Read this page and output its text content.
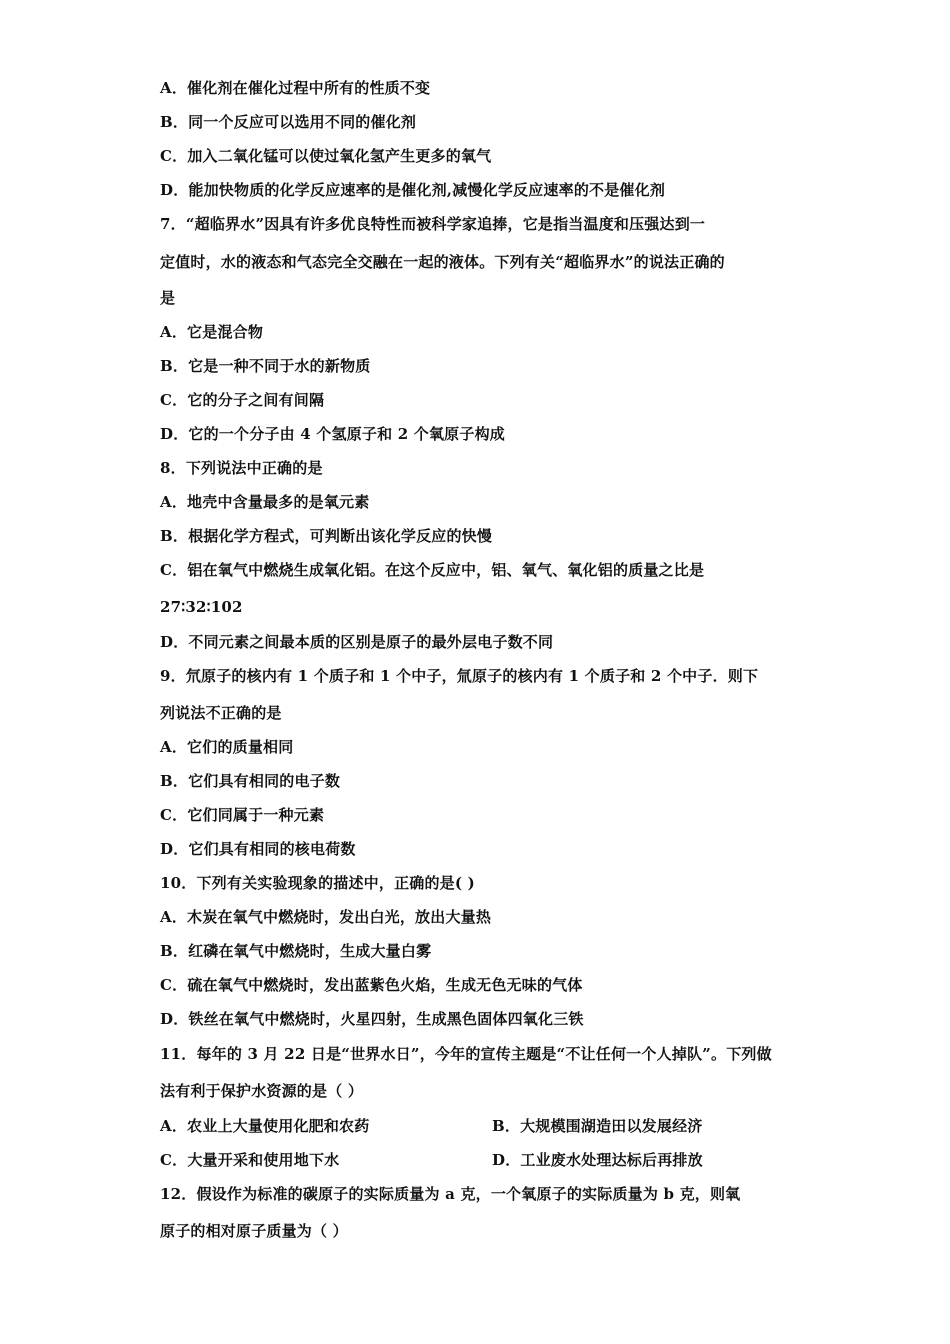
A．催化剂在催化过程中所有的性质不变
B．同一个反应可以选用不同的催化剂
C．加入二氧化锰可以使过氧化氢产生更多的氧气
D．能加快物质的化学反应速率的是催化剂,减慢化学反应速率的不是催化剂
7．“超临界水”因具有许多优良特性而被科学家追捧，它是指当温度和压强达到一
定值时，水的液态和气态完全交融在一起的液体。下列有关“超临界水”的说法正确的
是
A．它是混合物
B．它是一种不同于水的新物质
C．它的分子之间有间隔
D．它的一个分子由 4 个氢原子和 2 个氧原子构成
8．下列说法中正确的是
A．地壳中含量最多的是氧元素
B．根据化学方程式，可判断出该化学反应的快慢
C．铝在氧气中燃烧生成氧化铝。在这个反应中，铝、氧气、氧化铝的质量之比是
27∶32∶102
D．不同元素之间最本质的区别是原子的最外层电子数不同
9．氘原子的核内有 1 个质子和 1 个中子，氚原子的核内有 1 个质子和 2 个中子．则下
列说法不正确的是
A．它们的质量相同
B．它们具有相同的电子数
C．它们同属于一种元素
D．它们具有相同的核电荷数
10．下列有关实验现象的描述中，正确的是( )
A．木炭在氧气中燃烧时，发出白光，放出大量热
B．红磷在氧气中燃烧时，生成大量白雾
C．硫在氧气中燃烧时，发出蓝紫色火焰，生成无色无味的气体
D．铁丝在氧气中燃烧时，火星四射，生成黑色固体四氧化三铁
11．每年的 3 月 22 日是“世界水日”，今年的宣传主题是“不让任何一个人掉队”。下列做
法有利于保护水资源的是（ ）
A．农业上大量使用化肥和农药	B．大规模围湖造田以发展经济
C．大量开采和使用地下水	D．工业废水处理达标后再排放
12．假设作为标准的碳原子的实际质量为 a 克，一个氧原子的实际质量为 b 克，则氧
原子的相对原子质量为（ ）
